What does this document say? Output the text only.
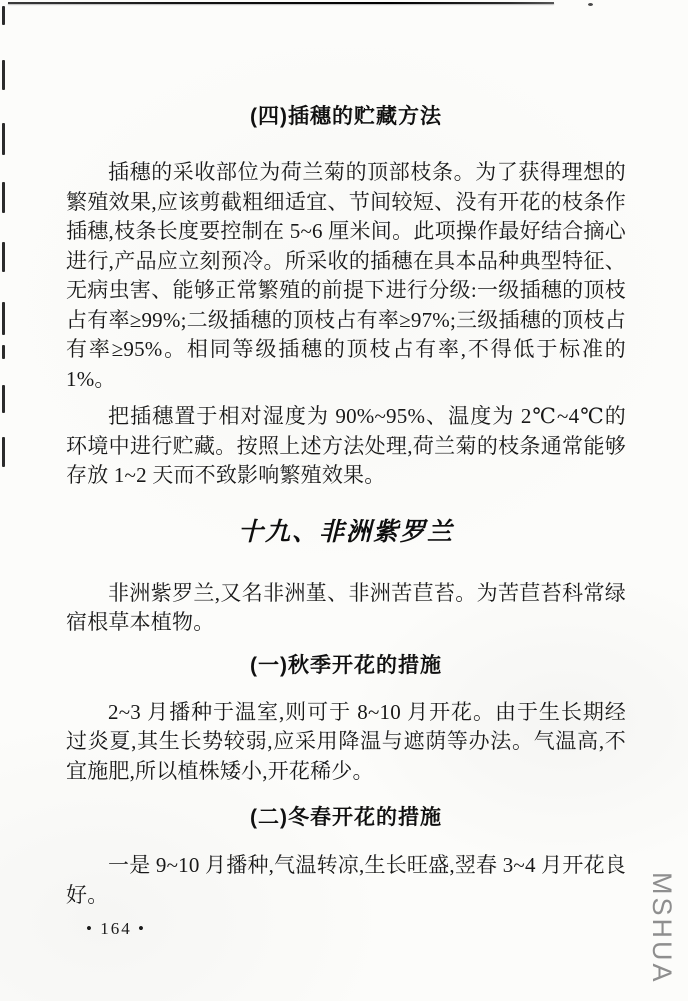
(四)插穗的贮藏方法

插穗的采收部位为荷兰菊的顶部枝条。为了获得理想的繁殖效果,应该剪截粗细适宜、节间较短、没有开花的枝条作插穗,枝条长度要控制在 5~6 厘米间。此项操作最好结合摘心进行,产品应立刻预冷。所采收的插穗在具本品种典型特征、无病虫害、能够正常繁殖的前提下进行分级:一级插穗的顶枝占有率≥99%;二级插穗的顶枝占有率≥97%;三级插穗的顶枝占有率≥95%。相同等级插穗的顶枝占有率,不得低于标准的 1%。

把插穗置于相对湿度为 90%~95%、温度为 2℃~4℃的环境中进行贮藏。按照上述方法处理,荷兰菊的枝条通常能够存放 1~2 天而不致影响繁殖效果。

十九、非洲紫罗兰

非洲紫罗兰,又名非洲堇、非洲苦苣苔。为苦苣苔科常绿宿根草本植物。

(一)秋季开花的措施

2~3 月播种于温室,则可于 8~10 月开花。由于生长期经过炎夏,其生长势较弱,应采用降温与遮荫等办法。气温高,不宜施肥,所以植株矮小,开花稀少。

(二)冬春开花的措施

一是 9~10 月播种,气温转凉,生长旺盛,翌春 3~4 月开花良好。

• 164 •	MSHUA
